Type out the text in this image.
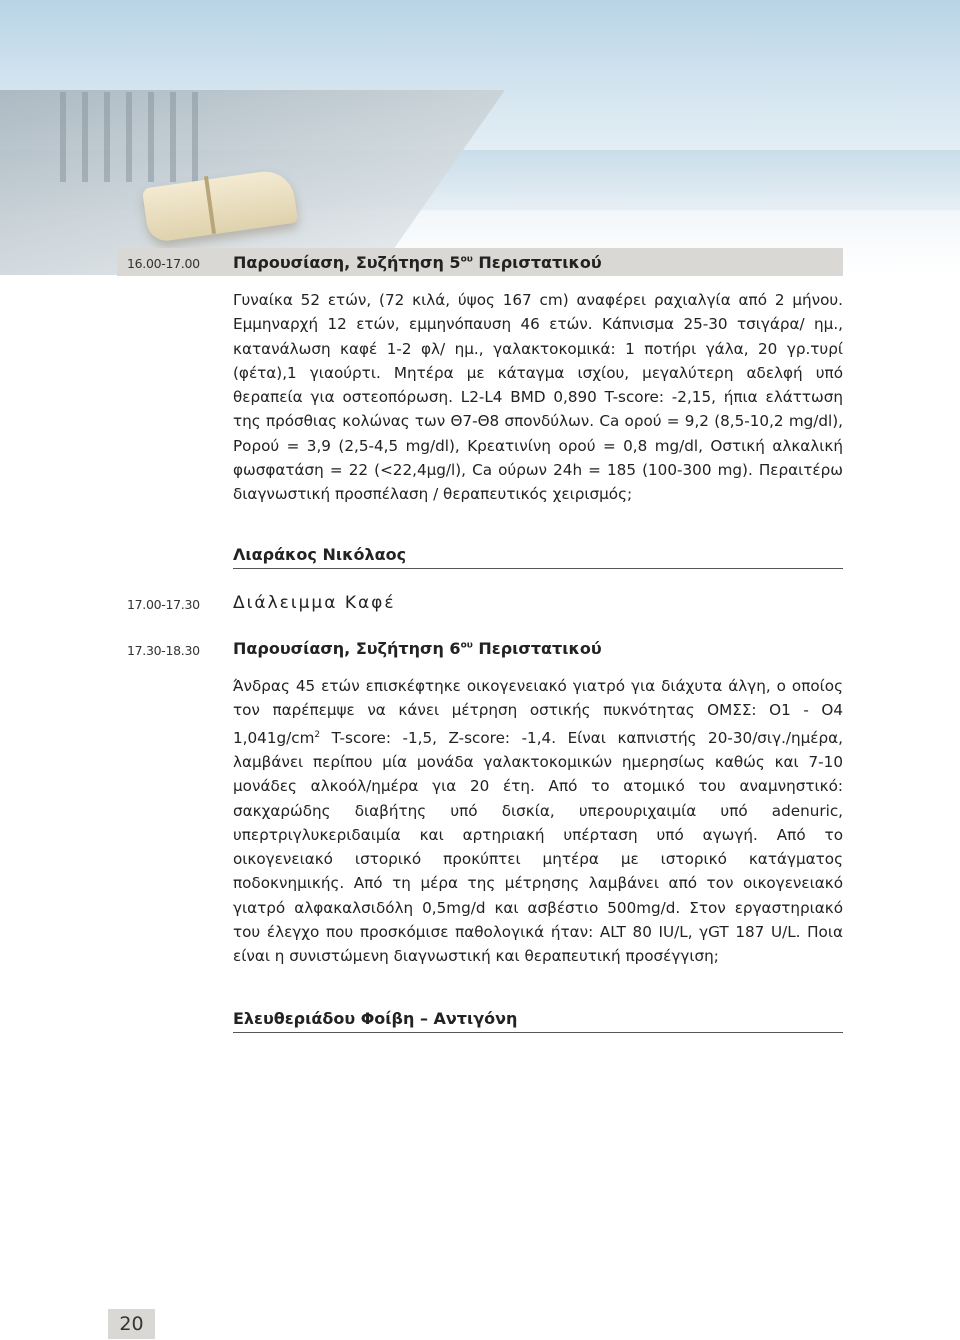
16.00-17.00 Παρουσίαση, Συζήτηση $5^{o\upsilon}$ Περιστατικού
Γυναίκα 52 ετών, (72 κιλά, ύψος 167 cm) αναφέρει ραχιαλγία από 2 μήνου. Εμμηναρχή 12 ετών, εμμηνόπαυση 46 ετών. Κάπνισμα 25-30 τσιγάρα/ ημ., κατανάλωση καφέ 1-2 φλ/ ημ., γαλακτοκομικά: 1 ποτήρι γάλα, 20 γρ.τυρί (φέτα),1 γιαούρτι. Μητέρα με κάταγμα ισχίου, μεγαλύτερη αδελφή υπό θεραπεία για οστεοπόρωση. L2-L4 BMD 0,890 T-score: -2,15, ήπια ελάττωση της πρόσθιας κολώνας των Θ7-Θ8 σπονδύλων. Ca ορού = 9,2 (8,5-10,2 mg/dl), Ρορού = 3,9 (2,5-4,5 mg/dl), Κρεατινίνη ορού = 0,8 mg/dl, Οστική αλκαλική φωσφατάση = 22 (<22,4μg/l), Ca ούρων 24h = 185 (100-300 mg). Περαιτέρω διαγνωστική προσπέλαση / θεραπευτικός χειρισμός;
Λιαράκος Νικόλαος
17.00-17.30 Διάλειμμα Καφέ
17.30-18.30 Παρουσίαση, Συζήτηση $6^{o\upsilon}$ Περιστατικού
Άνδρας 45 ετών επισκέφτηκε οικογενειακό γιατρό για διάχυτα άλγη, ο οποίος τον παρέπεμψε να κάνει μέτρηση οστικής πυκνότητας ΟΜΣΣ: Ο1 - Ο4 $1,041g/cm^2$ T-score: -1,5, Z-score: -1,4. Είναι καπνιστής 20-30/σιγ./ημέρα, λαμβάνει περίπου μία μονάδα γαλακτοκομικών ημερησίως καθώς και 7-10 μονάδες αλκοόλ/ημέρα για 20 έτη. Από το ατομικό του αναμνηστικό: σακχαρώδης διαβήτης υπό δισκία, υπερουριχαιμία υπό adenuric, υπερτριγλυκεριδαιμία και αρτηριακή υπέρταση υπό αγωγή. Από το οικογενειακό ιστορικό προκύπτει μητέρα με ιστορικό κατάγματος ποδοκνημικής. Από τη μέρα της μέτρησης λαμβάνει από τον οικογενειακό γιατρό αλφακαλσιδόλη 0,5mg/d και ασβέστιο 500mg/d. Στον εργαστηριακό του έλεγχο που προσκόμισε παθολογικά ήταν: ALT 80 IU/L, γGT 187 U/L. Ποια είναι η συνιστώμενη διαγνωστική και θεραπευτική προσέγγιση;
Ελευθεριάδου Φοίβη – Αντιγόνη
20
